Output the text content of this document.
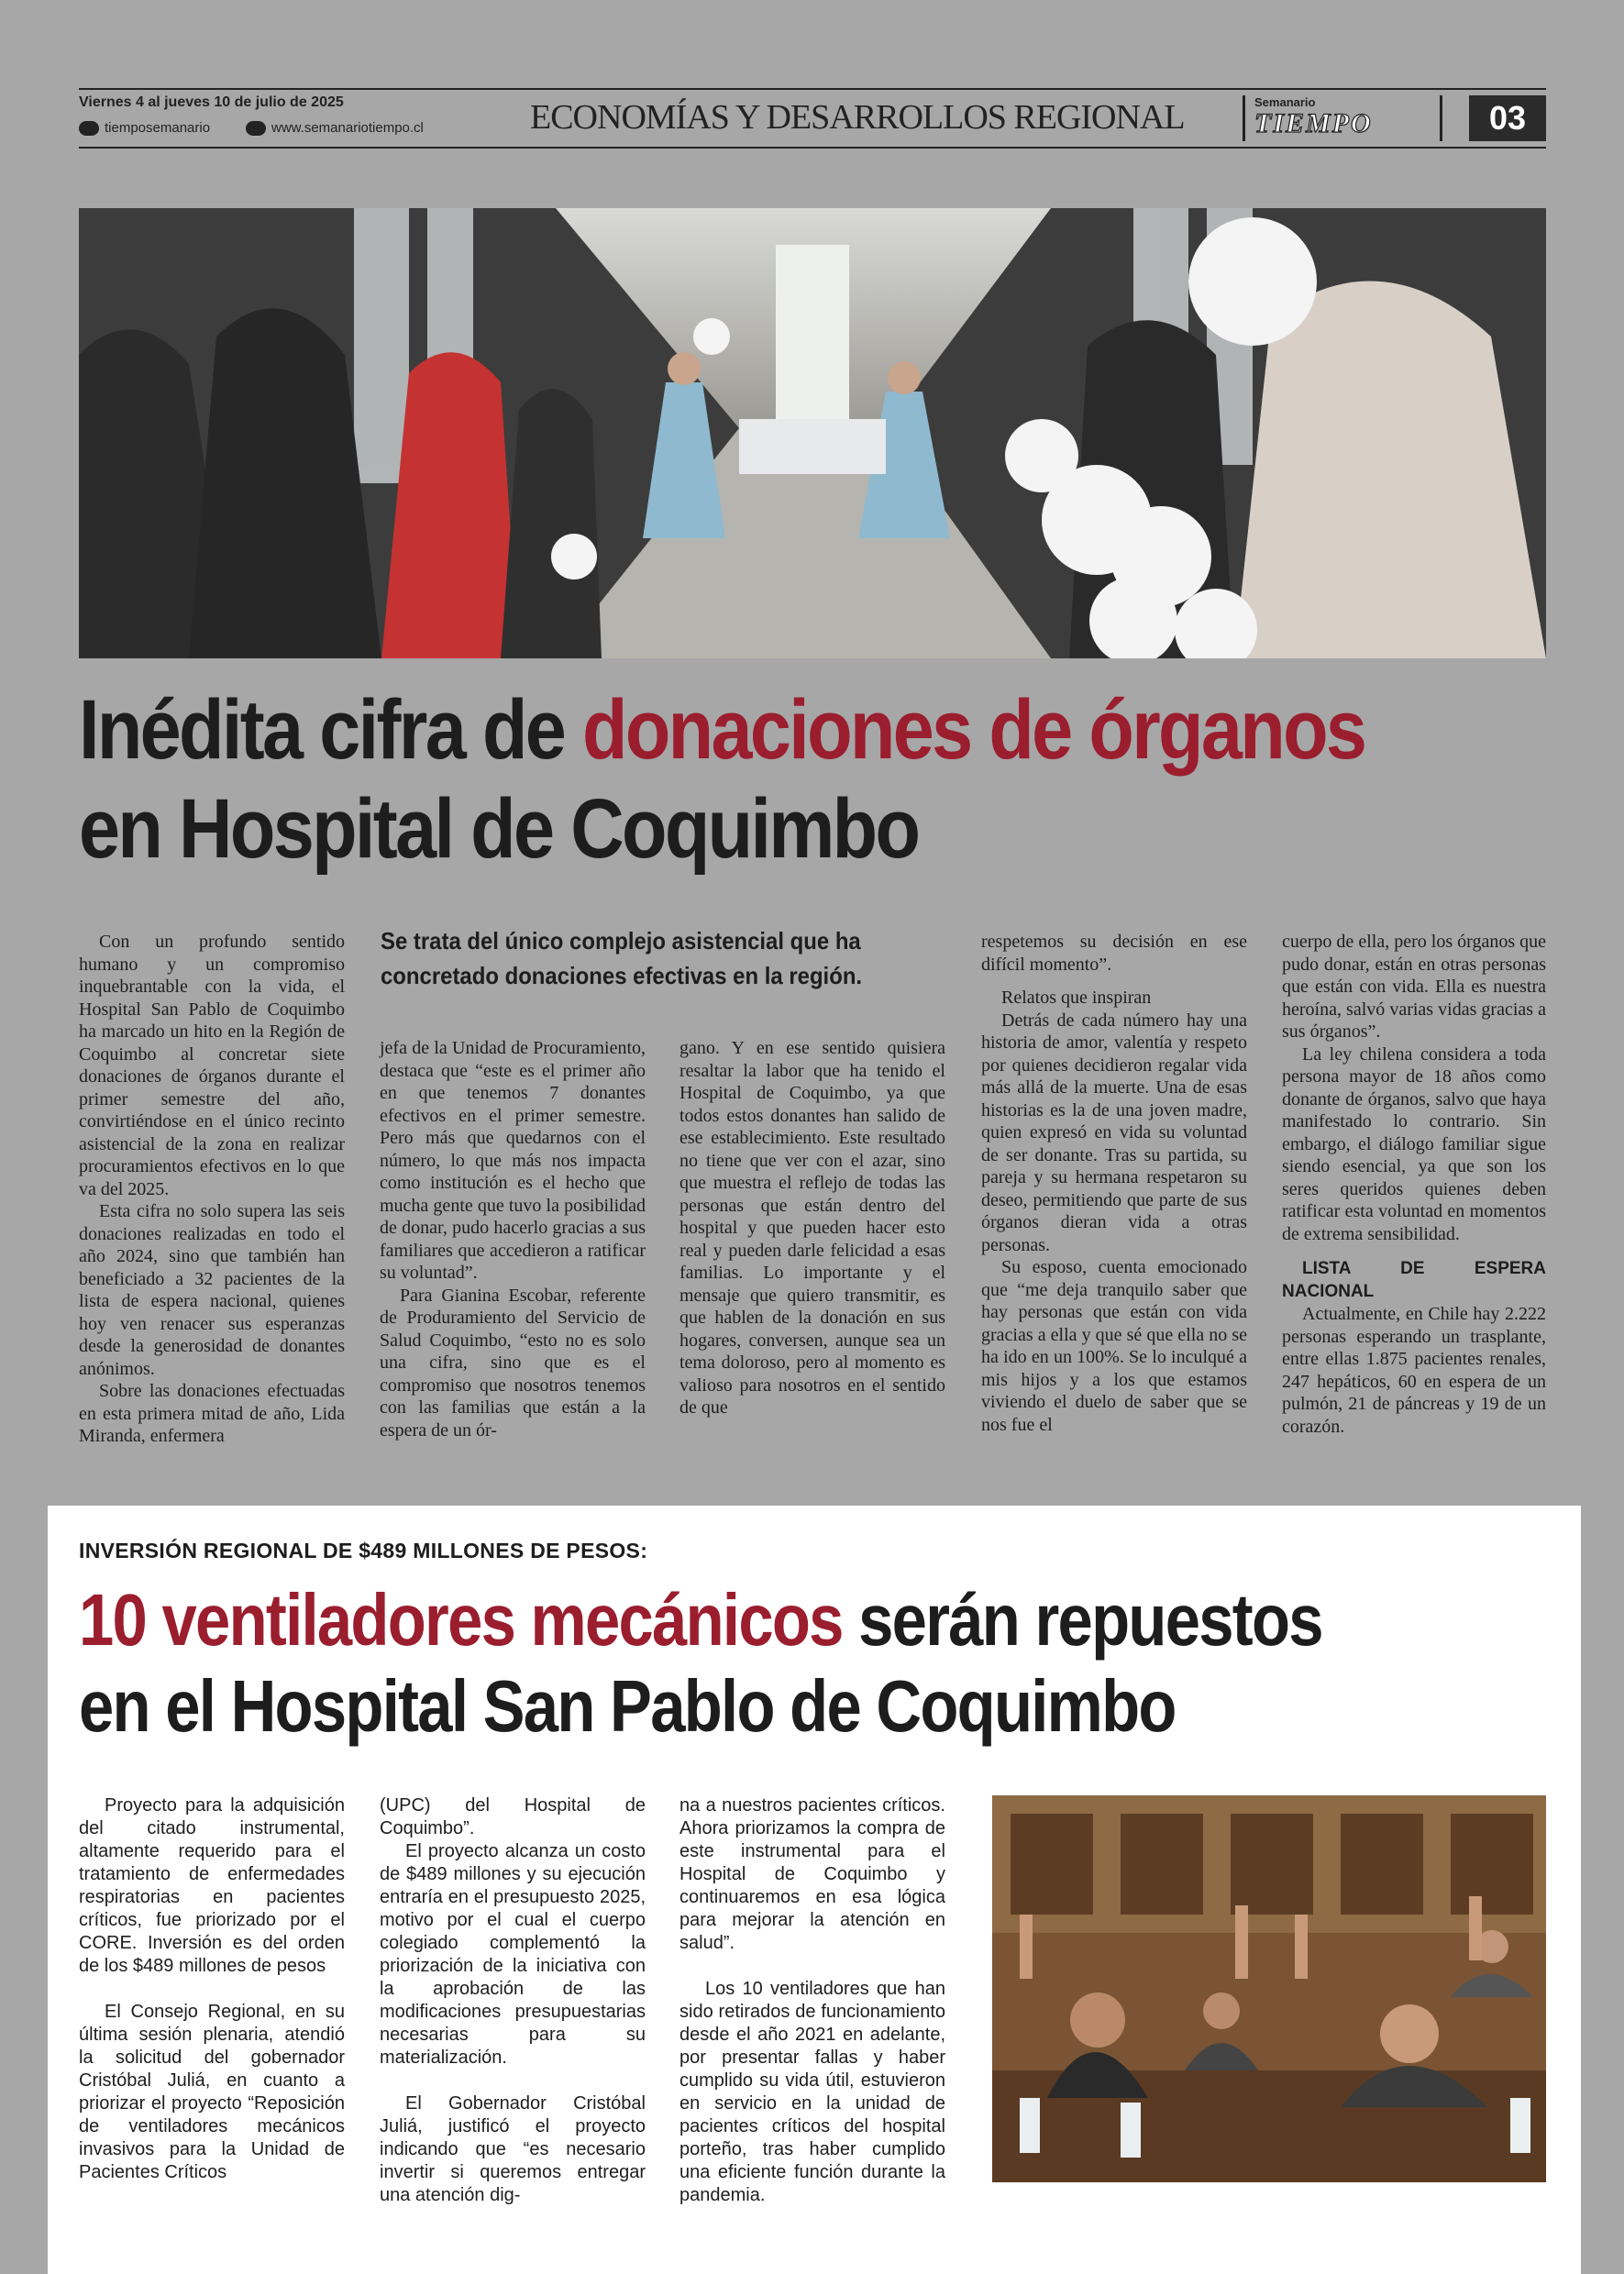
Viernes 4 al jueves 10 de julio de 2025
tiemposemanario	www.semanariotiempo.cl	ECONOMÍAS Y DESARROLLOS REGIONAL	Semanario
TIEMPO	03
Inédita cifra de donaciones de órganos
en Hospital de Coquimbo

Con un profundo sentido humano y un compromiso inquebrantable con la vida, el Hospital San Pablo de Coquimbo ha marcado un hito en la Región de Coquimbo al concretar siete donaciones de órganos durante el primer semestre del año, convirtiéndose en el único recinto asistencial de la zona en realizar procuramientos efectivos en lo que va del 2025.

Esta cifra no solo supera las seis donaciones realizadas en todo el año 2024, sino que también han beneficiado a 32 pacientes de la lista de espera nacional, quienes hoy ven renacer sus esperanzas desde la generosidad de donantes anónimos.

Sobre las donaciones efectuadas en esta primera mitad de año, Lida Miranda, enfermera

Se trata del único complejo asistencial que ha concretado donaciones efectivas en la región.

jefa de la Unidad de Procuramiento, destaca que “este es el primer año en que tenemos 7 donantes efectivos en el primer semestre. Pero más que quedarnos con el número, lo que más nos impacta como institución es el hecho que mucha gente que tuvo la posibilidad de donar, pudo hacerlo gracias a sus familiares que accedieron a ratificar su voluntad”.

Para Gianina Escobar, referente de Produramiento del Servicio de Salud Coquimbo, “esto no es solo una cifra, sino que es el compromiso que nosotros tenemos con las familias que están a la espera de un ór-

gano. Y en ese sentido quisiera resaltar la labor que ha tenido el Hospital de Coquimbo, ya que todos estos donantes han salido de ese establecimiento. Este resultado no tiene que ver con el azar, sino que muestra el reflejo de todas las personas que están dentro del hospital y que pueden hacer esto real y pueden darle felicidad a esas familias. Lo importante y el mensaje que quiero transmitir, es que hablen de la donación en sus hogares, conversen, aunque sea un tema doloroso, pero al momento es valioso para nosotros en el sentido de que

respetemos su decisión en ese difícil momento”.

Relatos que inspiran

Detrás de cada número hay una historia de amor, valentía y respeto por quienes decidieron regalar vida más allá de la muerte. Una de esas historias es la de una joven madre, quien expresó en vida su voluntad de ser donante. Tras su partida, su pareja y su hermana respetaron su deseo, permitiendo que parte de sus órganos dieran vida a otras personas.

Su esposo, cuenta emocionado que “me deja tranquilo saber que hay personas que están con vida gracias a ella y que sé que ella no se ha ido en un 100%. Se lo inculqué a mis hijos y a los que estamos viviendo el duelo de saber que se nos fue el

cuerpo de ella, pero los órganos que pudo donar, están en otras personas que están con vida. Ella es nuestra heroína, salvó varias vidas gracias a sus órganos”.

La ley chilena considera a toda persona mayor de 18 años como donante de órganos, salvo que haya manifestado lo contrario. Sin embargo, el diálogo familiar sigue siendo esencial, ya que son los seres queridos quienes deben ratificar esta voluntad en momentos de extrema sensibilidad.

LISTA DE ESPERA NACIONAL

Actualmente, en Chile hay 2.222 personas esperando un trasplante, entre ellas 1.875 pacientes renales, 247 hepáticos, 60 en espera de un pulmón, 21 de páncreas y 19 de un corazón.

INVERSIÓN REGIONAL DE $489 MILLONES DE PESOS:
10 ventiladores mecánicos serán repuestos
en el Hospital San Pablo de Coquimbo

Proyecto para la adquisición del citado instrumental, altamente requerido para el tratamiento de enfermedades respiratorias en pacientes críticos, fue priorizado por el CORE. Inversión es del orden de los $489 millones de pesos

El Consejo Regional, en su última sesión plenaria, atendió la solicitud del gobernador Cristóbal Juliá, en cuanto a priorizar el proyecto “Reposición de ventiladores mecánicos invasivos para la Unidad de Pacientes Críticos

(UPC) del Hospital de Coquimbo”.

El proyecto alcanza un costo de $489 millones y su ejecución entraría en el presupuesto 2025, motivo por el cual el cuerpo colegiado complementó la priorización de la iniciativa con la aprobación de las modificaciones presupuestarias necesarias para su materialización.

El Gobernador Cristóbal Juliá, justificó el proyecto indicando que “es necesario invertir si queremos entregar una atención dig-

na a nuestros pacientes críticos. Ahora priorizamos la compra de este instrumental para el Hospital de Coquimbo y continuaremos en esa lógica para mejorar la atención en salud”.

Los 10 ventiladores que han sido retirados de funcionamiento desde el año 2021 en adelante, por presentar fallas y haber cumplido su vida útil, estuvieron en servicio en la unidad de pacientes críticos del hospital porteño, tras haber cumplido una eficiente función durante la pandemia.
